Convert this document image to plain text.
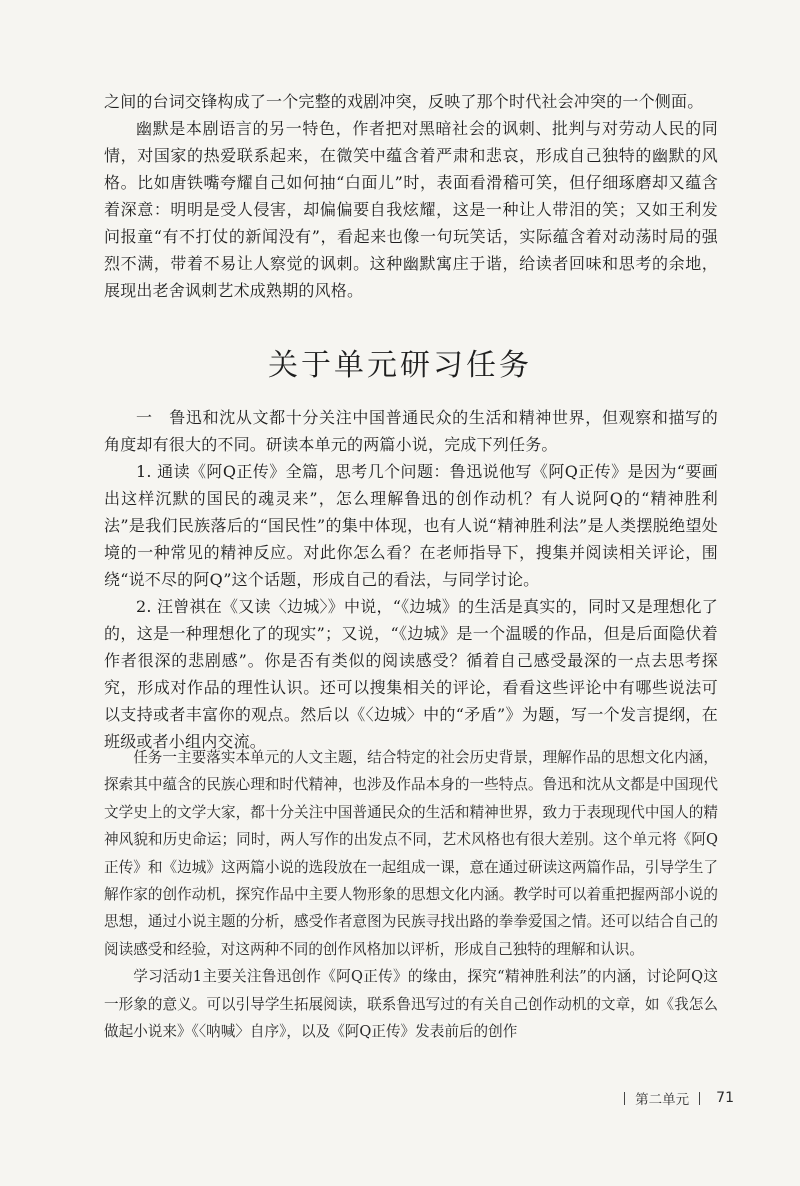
之间的台词交锋构成了一个完整的戏剧冲突，反映了那个时代社会冲突的一个侧面。

幽默是本剧语言的另一特色，作者把对黑暗社会的讽刺、批判与对劳动人民的同情，对国家的热爱联系起来，在微笑中蕴含着严肃和悲哀，形成自己独特的幽默的风格。比如唐铁嘴夸耀自己如何抽“白面儿”时，表面看滑稽可笑，但仔细琢磨却又蕴含着深意：明明是受人侵害，却偏偏要自我炫耀，这是一种让人带泪的笑；又如王利发问报童“有不打仗的新闻没有”，看起来也像一句玩笑话，实际蕴含着对动荡时局的强烈不满，带着不易让人察觉的讽刺。这种幽默寓庄于谐，给读者回味和思考的余地，展现出老舍讽刺艺术成熟期的风格。

关于单元研习任务

一　鲁迅和沈从文都十分关注中国普通民众的生活和精神世界，但观察和描写的角度却有很大的不同。研读本单元的两篇小说，完成下列任务。

1. 通读《阿Q正传》全篇，思考几个问题：鲁迅说他写《阿Q正传》是因为“要画出这样沉默的国民的魂灵来”，怎么理解鲁迅的创作动机？有人说阿Q的“精神胜利法”是我们民族落后的“国民性”的集中体现，也有人说“精神胜利法”是人类摆脱绝望处境的一种常见的精神反应。对此你怎么看？在老师指导下，搜集并阅读相关评论，围绕“说不尽的阿Q”这个话题，形成自己的看法，与同学讨论。

2. 汪曾祺在《又读〈边城〉》中说，“《边城》的生活是真实的，同时又是理想化了的，这是一种理想化了的现实”；又说，“《边城》是一个温暖的作品，但是后面隐伏着作者很深的悲剧感”。你是否有类似的阅读感受？循着自己感受最深的一点去思考探究，形成对作品的理性认识。还可以搜集相关的评论，看看这些评论中有哪些说法可以支持或者丰富你的观点。然后以《〈边城〉中的“矛盾”》为题，写一个发言提纲，在班级或者小组内交流。

任务一主要落实本单元的人文主题，结合特定的社会历史背景，理解作品的思想文化内涵，探索其中蕴含的民族心理和时代精神，也涉及作品本身的一些特点。鲁迅和沈从文都是中国现代文学史上的文学大家，都十分关注中国普通民众的生活和精神世界，致力于表现现代中国人的精神风貌和历史命运；同时，两人写作的出发点不同，艺术风格也有很大差别。这个单元将《阿Q正传》和《边城》这两篇小说的选段放在一起组成一课，意在通过研读这两篇作品，引导学生了解作家的创作动机，探究作品中主要人物形象的思想文化内涵。教学时可以着重把握两部小说的思想，通过小说主题的分析，感受作者意图为民族寻找出路的拳拳爱国之情。还可以结合自己的阅读感受和经验，对这两种不同的创作风格加以评析，形成自己独特的理解和认识。

学习活动1主要关注鲁迅创作《阿Q正传》的缘由，探究“精神胜利法”的内涵，讨论阿Q这一形象的意义。可以引导学生拓展阅读，联系鲁迅写过的有关自己创作动机的文章，如《我怎么做起小说来》《〈呐喊〉自序》，以及《阿Q正传》发表前后的创作

第二单元 71
